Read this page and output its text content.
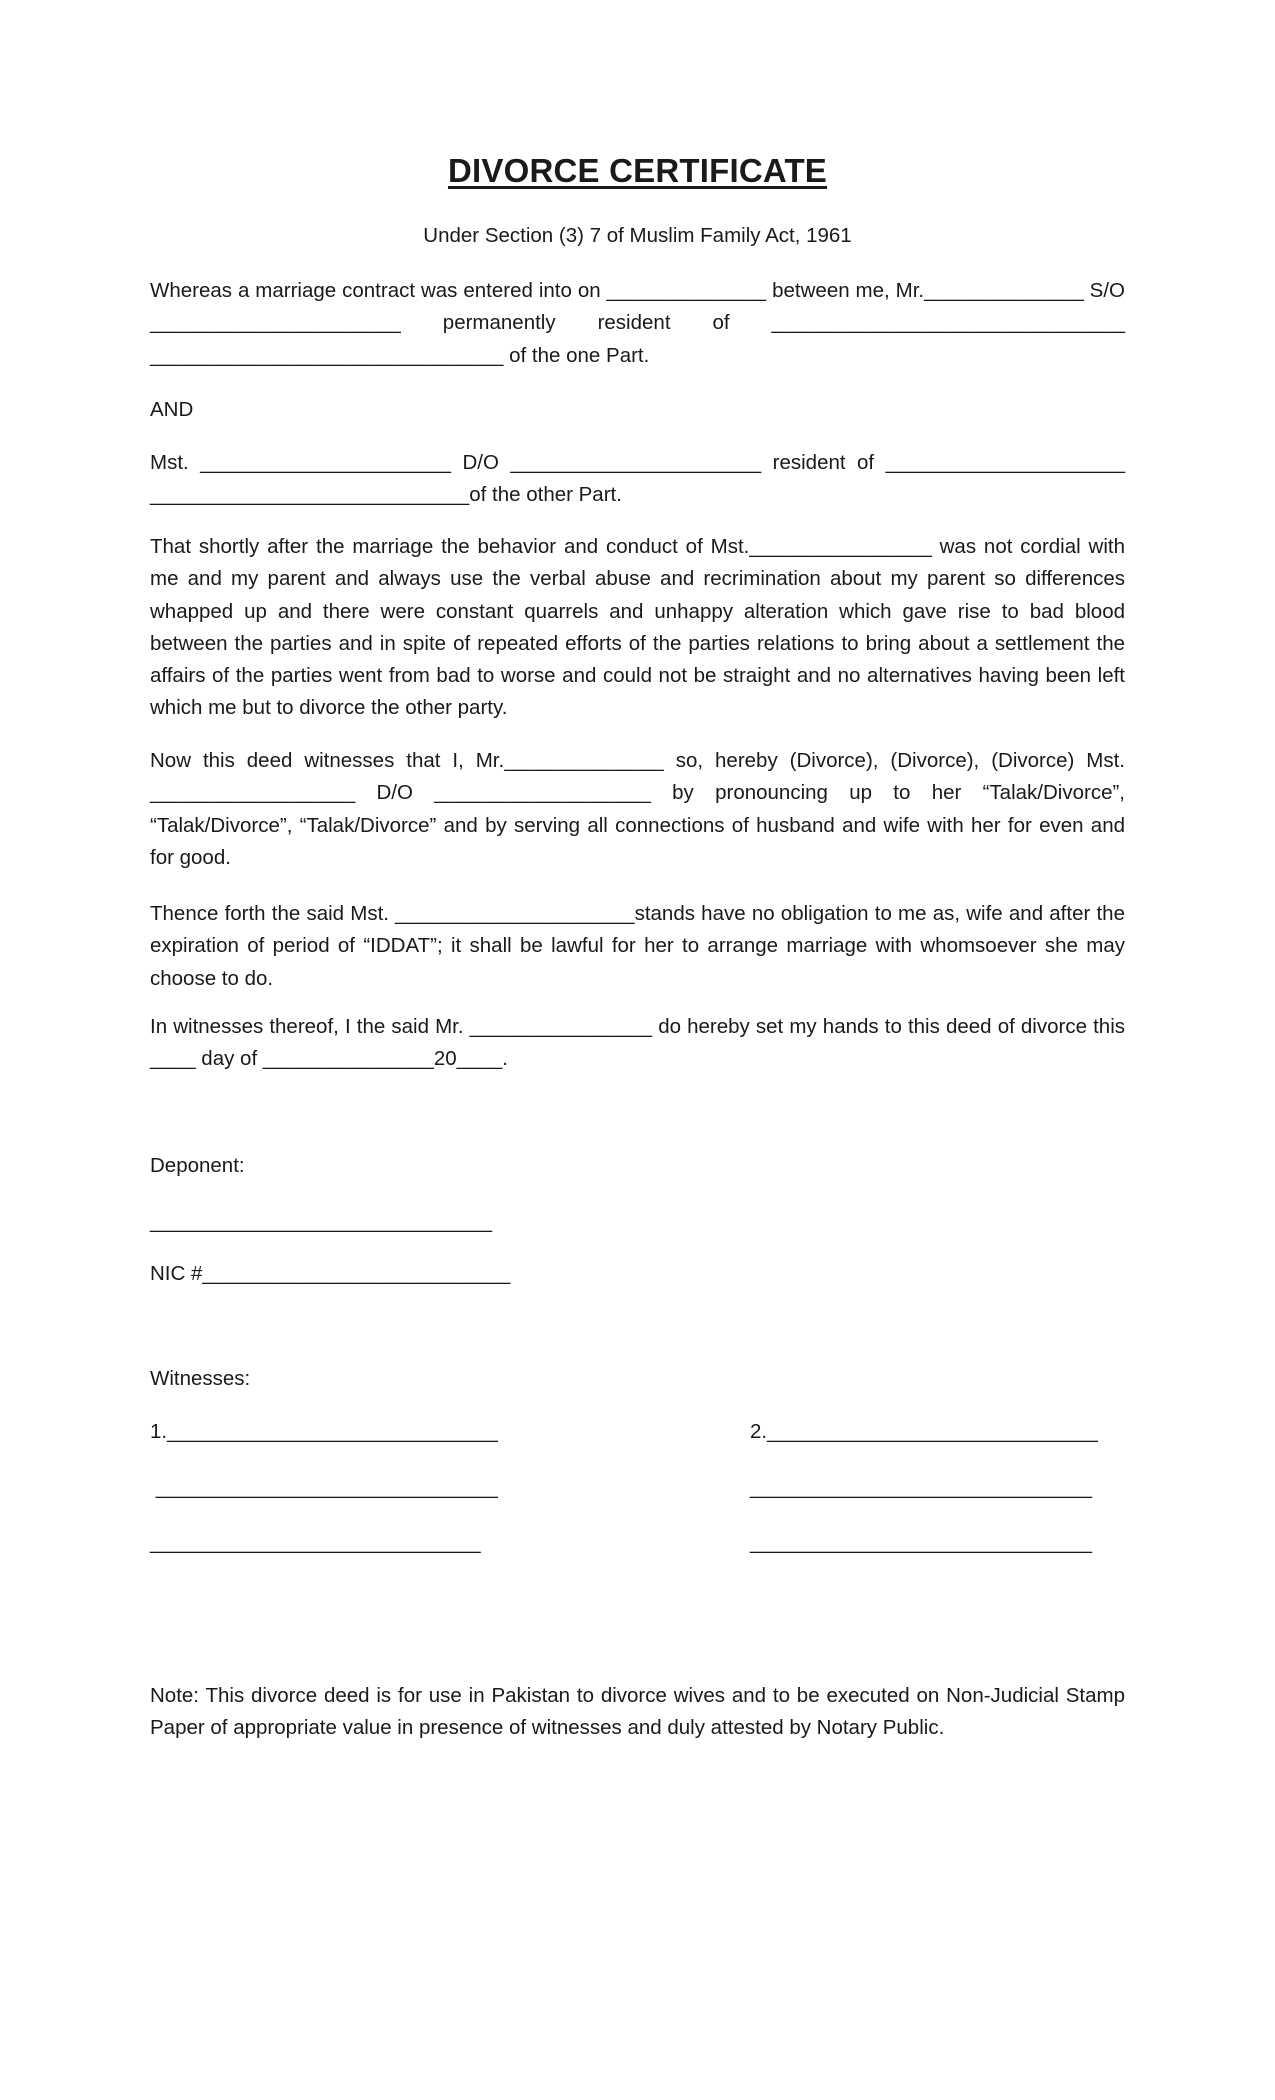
DIVORCE CERTIFICATE

Under Section (3) 7 of Muslim Family Act, 1961

Whereas a marriage contract was entered into on ______________ between me, Mr.______________ S/O ______________________ permanently resident of _______________________________ _______________________________ of the one Part.

AND

Mst. ______________________ D/O ______________________ resident of _____________________ ____________________________of the other Part.

That shortly after the marriage the behavior and conduct of Mst.________________ was not cordial with me and my parent and always use the verbal abuse and recrimination about my parent so differences whapped up and there were constant quarrels and unhappy alteration which gave rise to bad blood between the parties and in spite of repeated efforts of the parties relations to bring about a settlement the affairs of the parties went from bad to worse and could not be straight and no alternatives having been left which me but to divorce the other party.

Now this deed witnesses that I, Mr.______________ so, hereby (Divorce), (Divorce), (Divorce) Mst. __________________ D/O ___________________ by pronouncing up to her “Talak/Divorce”, “Talak/Divorce”, “Talak/Divorce” and by serving all connections of husband and wife with her for even and for good.

Thence forth the said Mst. _____________________stands have no obligation to me as, wife and after the expiration of period of “IDDAT”; it shall be lawful for her to arrange marriage with whomsoever she may choose to do.

In witnesses thereof, I the said Mr. ________________ do hereby set my hands to this deed of divorce this ____ day of _______________20____.

Deponent:

______________________________

NIC #___________________________

Witnesses:

1._____________________________

______________________________

_____________________________

2._____________________________

______________________________

______________________________

Note: This divorce deed is for use in Pakistan to divorce wives and to be executed on Non-Judicial Stamp Paper of appropriate value in presence of witnesses and duly attested by Notary Public.
